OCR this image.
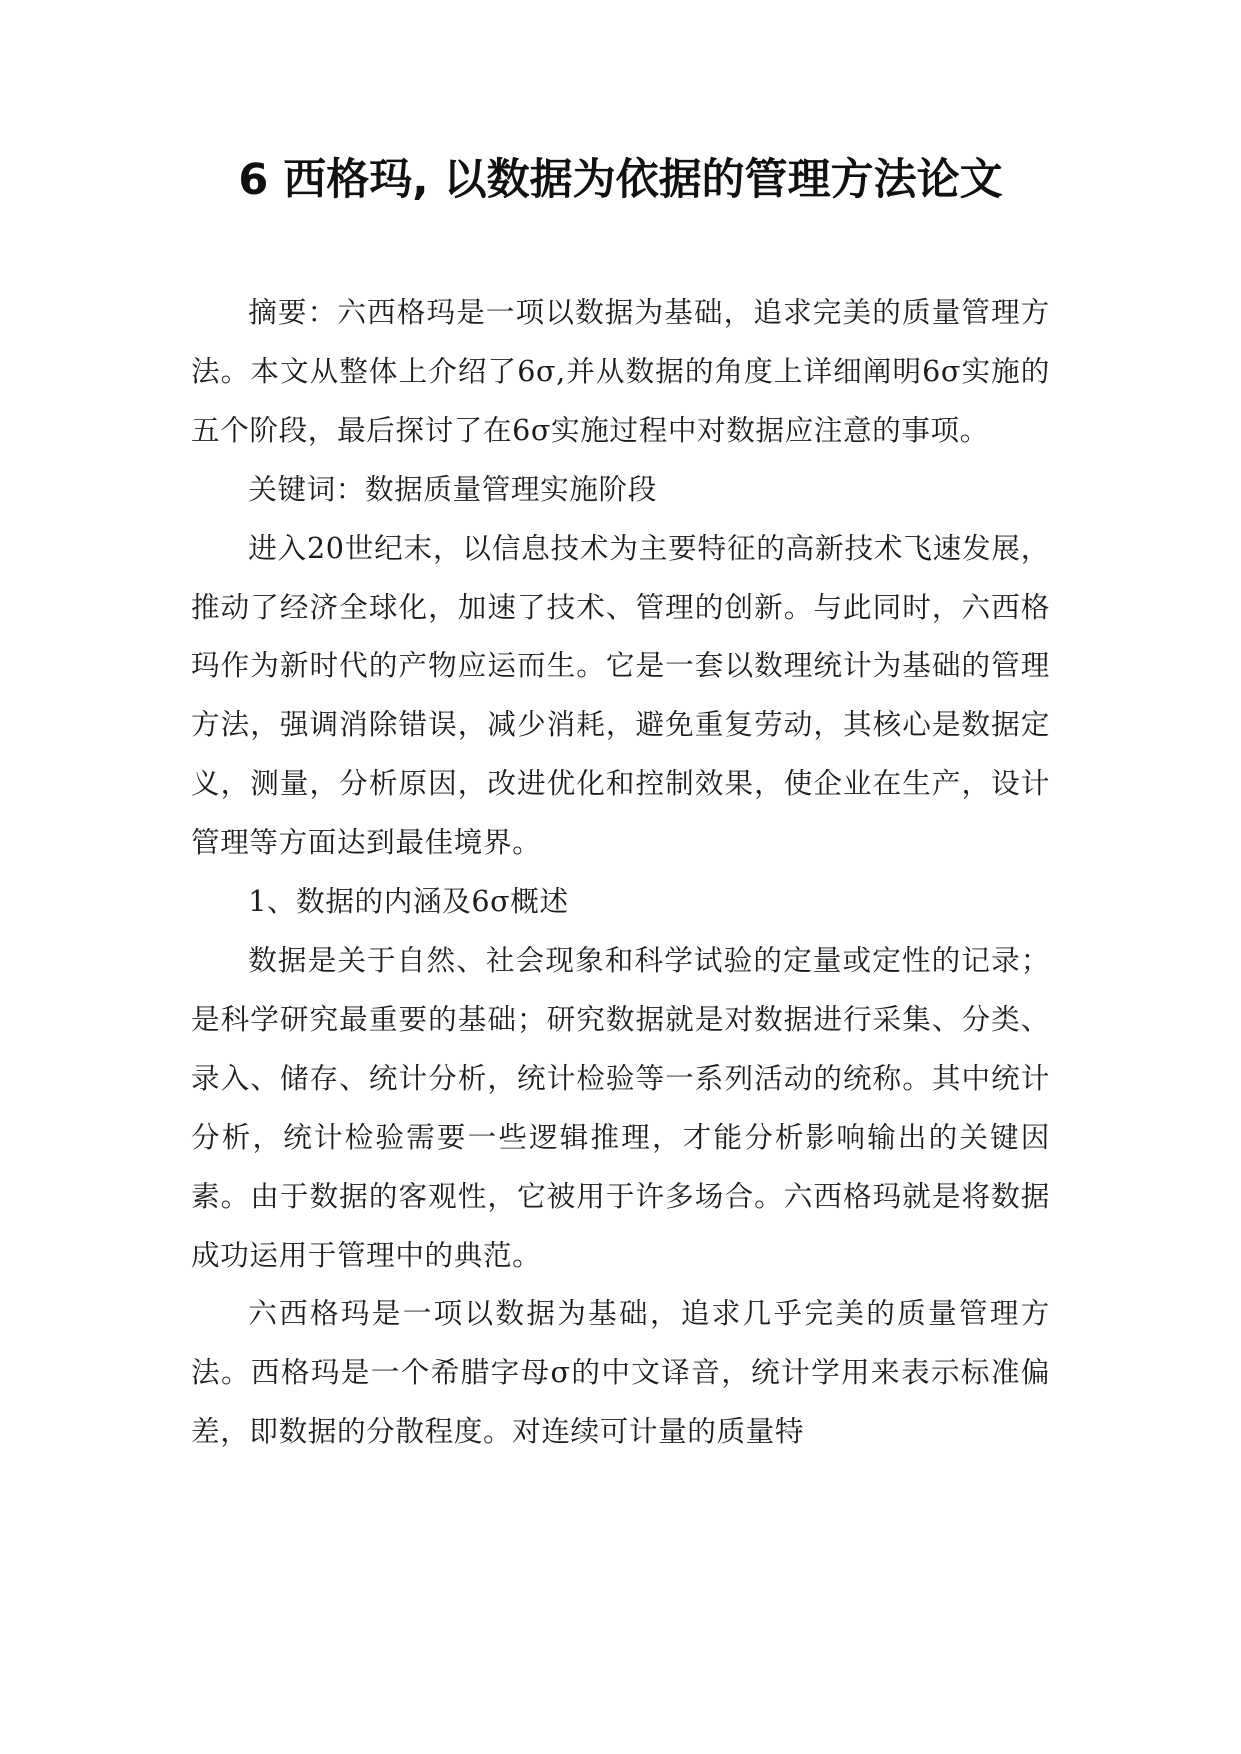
6 西格玛, 以数据为依据的管理方法论文

摘要：六西格玛是一项以数据为基础，追求完美的质量管理方法。本文从整体上介绍了6σ,并从数据的角度上详细阐明6σ实施的五个阶段，最后探讨了在6σ实施过程中对数据应注意的事项。

关键词：数据质量管理实施阶段

进入20世纪末，以信息技术为主要特征的高新技术飞速发展，推动了经济全球化，加速了技术、管理的创新。与此同时，六西格玛作为新时代的产物应运而生。它是一套以数理统计为基础的管理方法，强调消除错误，减少消耗，避免重复劳动，其核心是数据定义，测量，分析原因，改进优化和控制效果，使企业在生产，设计管理等方面达到最佳境界。

1、数据的内涵及6σ概述

数据是关于自然、社会现象和科学试验的定量或定性的记录；是科学研究最重要的基础；研究数据就是对数据进行采集、分类、录入、储存、统计分析，统计检验等一系列活动的统称。其中统计分析，统计检验需要一些逻辑推理，才能分析影响输出的关键因素。由于数据的客观性，它被用于许多场合。六西格玛就是将数据成功运用于管理中的典范。

六西格玛是一项以数据为基础，追求几乎完美的质量管理方法。西格玛是一个希腊字母σ的中文译音，统计学用来表示标准偏差，即数据的分散程度。对连续可计量的质量特
